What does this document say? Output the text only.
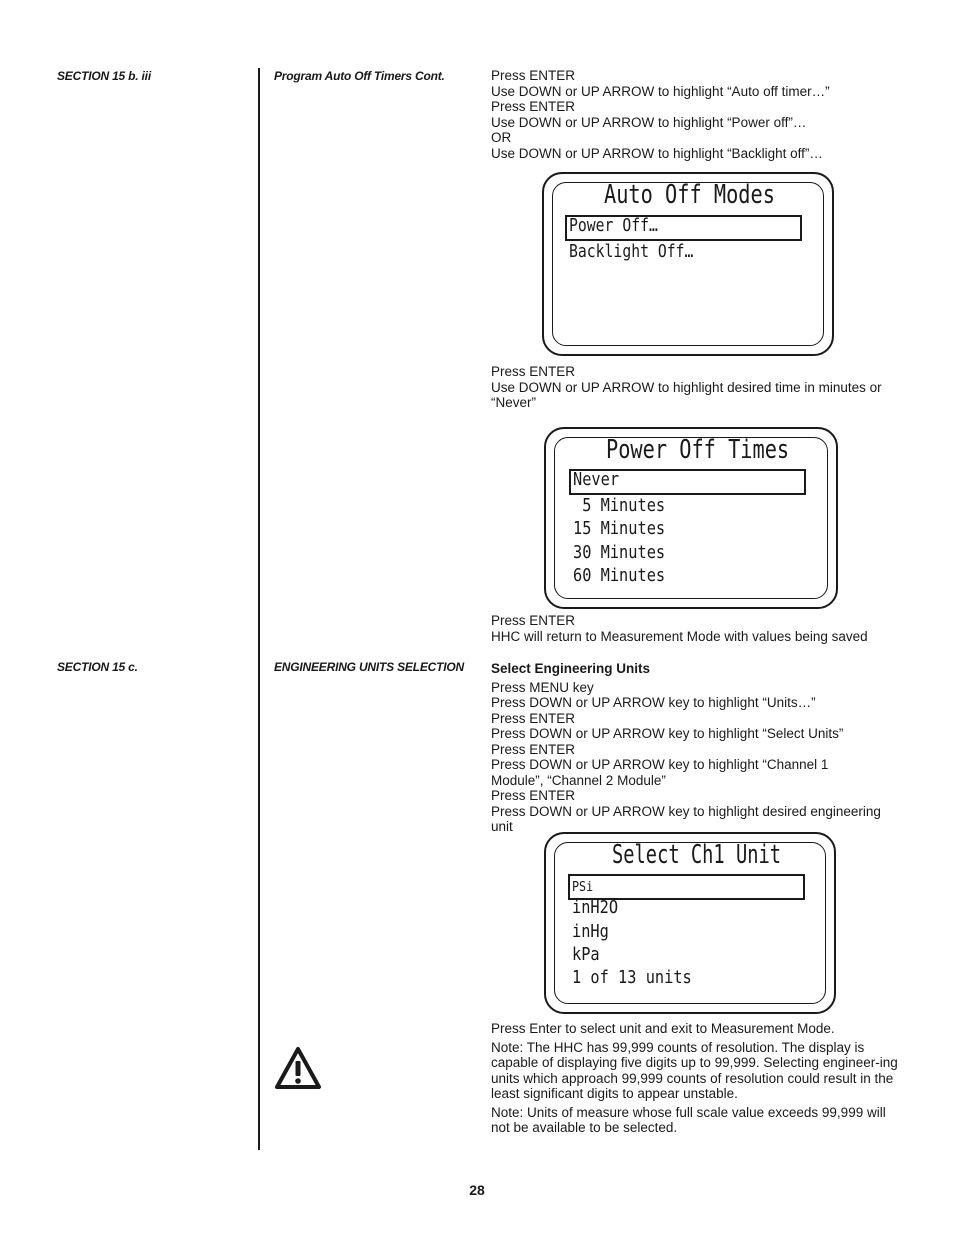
SECTION 15 b. iii	Program Auto Off Timers Cont.
SECTION 15 c.	ENGINEERING UNITS SELECTION
Press ENTER
Use DOWN or UP ARROW to highlight “Auto off timer…”
Press ENTER
Use DOWN or UP ARROW to highlight “Power off”…
OR
Use DOWN or UP ARROW to highlight “Backlight off”…
Auto Off Modes
Power Off…
Backlight Off…
Press ENTER
Use DOWN or UP ARROW to highlight desired time in minutes or “Never”
Power Off Times
Never
5 Minutes
15 Minutes
30 Minutes
60 Minutes
Press ENTER
HHC will return to Measurement Mode with values being saved
Select Engineering Units
Press MENU key
Press DOWN or UP ARROW key to highlight “Units…”
Press ENTER
Press DOWN or UP ARROW key to highlight “Select Units”
Press ENTER
Press DOWN or UP ARROW key to highlight “Channel 1 Module”, “Channel 2 Module”
Press ENTER
Press DOWN or UP ARROW key to highlight desired engineering unit
Select Ch1 Unit
PSi
inH2O
inHg
kPa
1 of 13 units
Press Enter to select unit and exit to Measurement Mode.
Note: The HHC has 99,999 counts of resolution. The display is capable of displaying five digits up to 99,999. Selecting engineer-ing units which approach 99,999 counts of resolution could result in the least significant digits to appear unstable.
Note: Units of measure whose full scale value exceeds 99,999 will not be available to be selected.
28
